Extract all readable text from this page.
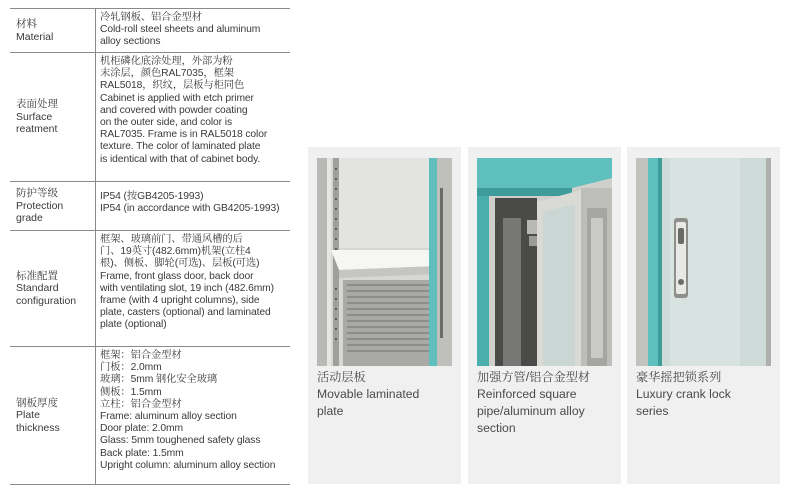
材料
Material
冷轧钢板、铝合金型材
Cold-roll steel sheets and aluminum
alloy sections
表面处理
Surface
reatment
机柜磷化底涂处理，外部为粉
末涂层，颜色RAL7035，框架
RAL5018，织纹，层板与柜同色
Cabinet is applied with etch primer
and covered with powder coating
on the outer side, and color is
RAL7035. Frame is in RAL5018 color
texture. The color of laminated plate
is identical with that of cabinet body.
防护等级
Protection
grade
IP54 (按GB4205-1993)
IP54 (in accordance with GB4205-1993)
标准配置
Standard
configuration
框架、玻璃前门、带通风槽的后
门、19英寸(482.6mm)机架(立柱4
根)、侧板、脚轮(可选)、层板(可选)
Frame, front glass door, back door
with ventilating slot, 19 inch (482.6mm)
frame (with 4 upright columns), side
plate, casters (optional) and laminated
plate (optional)
钢板厚度
Plate
thickness
框架：铝合金型材
门板：2.0mm
玻璃：5mm 钢化安全玻璃
侧板：1.5mm
立柱：铝合金型材
Frame: aluminum alloy section
Door plate: 2.0mm
Glass: 5mm toughened safety glass
Back plate: 1.5mm
Upright column: aluminum alloy section
活动层板
Movable laminated
plate
加强方管/铝合金型材
Reinforced square
pipe/aluminum alloy
section
豪华摇把锁系列
Luxury crank lock
series
